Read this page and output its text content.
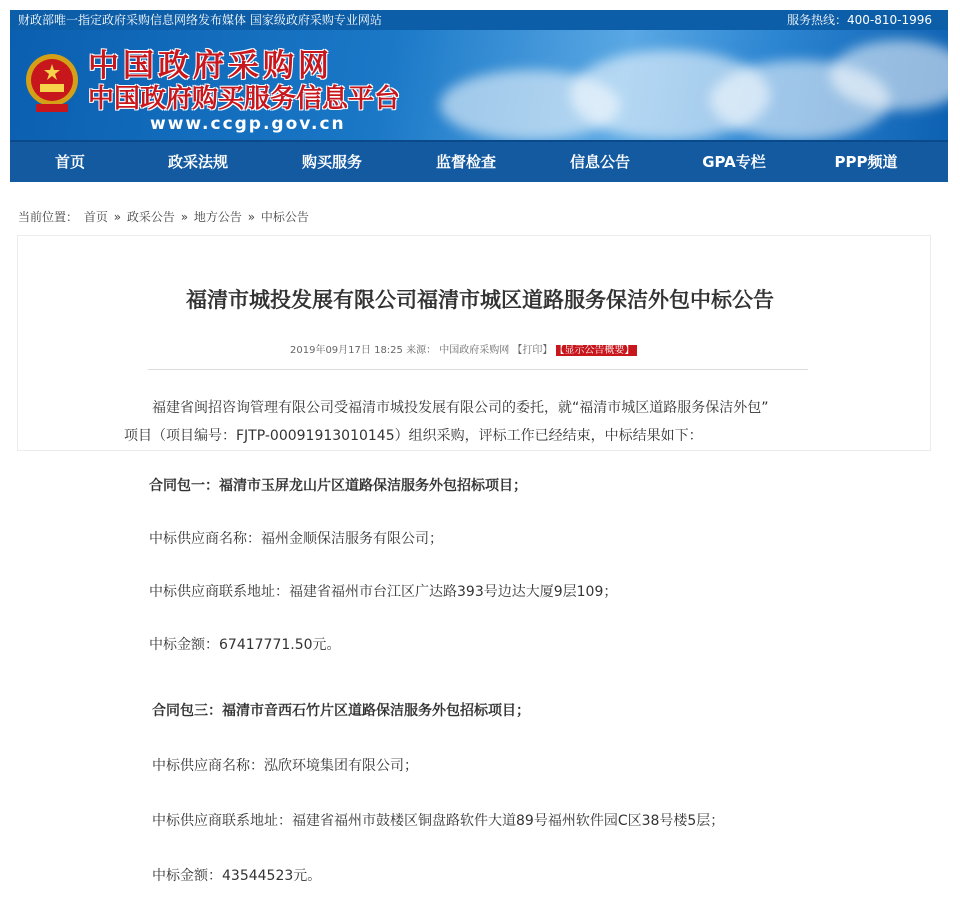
财政部唯一指定政府采购信息网络发布媒体 国家级政府采购专业网站	服务热线：400-810-1996
中国政府采购网
中国政府购买服务信息平台
www.ccgp.gov.cn
首页	政采法规	购买服务	监督检查	信息公告	GPA专栏	PPP频道
当前位置： 首页 » 政采公告 » 地方公告 » 中标公告
福清市城投发展有限公司福清市城区道路服务保洁外包中标公告
2019年09月17日 18:25 来源： 中国政府采购网 【打印】 【显示公告概要】
福建省闽招咨询管理有限公司受福清市城投发展有限公司的委托，就“福清市城区道路服务保洁外包”
项目（项目编号：FJTP-00091913010145）组织采购，评标工作已经结束，中标结果如下：
合同包一：福清市玉屏龙山片区道路保洁服务外包招标项目；
中标供应商名称：福州金顺保洁服务有限公司；
中标供应商联系地址：福建省福州市台江区广达路393号边达大厦9层109；
中标金额：67417771.50元。
合同包三：福清市音西石竹片区道路保洁服务外包招标项目；
中标供应商名称：泓欣环境集团有限公司；
中标供应商联系地址：福建省福州市鼓楼区铜盘路软件大道89号福州软件园C区38号楼5层；
中标金额：43544523元。
